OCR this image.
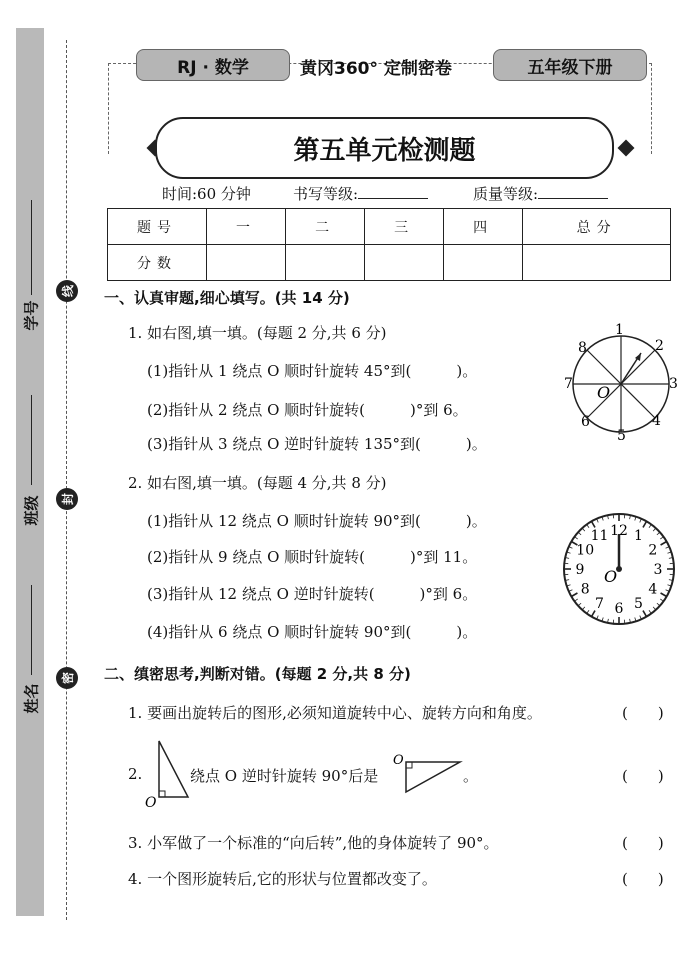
学号
班级
姓名
线
封
密
RJ · 数学	黄冈360° 定制密卷	五年级下册
第五单元检测题
时间:60 分钟	书写等级:	质量等级:
题号	一	二	三	四	总分
分数					
一、认真审题,细心填写。(共 14 分)
1. 如右图,填一填。(每题 2 分,共 6 分)
(1)指针从 1 绕点 O 顺时针旋转 45°到(　　　)。
(2)指针从 2 绕点 O 顺时针旋转(　　　)°到 6。
(3)指针从 3 绕点 O 逆时针旋转 135°到(　　　)。
1
2
3
4
5
6
7
8
O
2. 如右图,填一填。(每题 4 分,共 8 分)
(1)指针从 12 绕点 O 顺时针旋转 90°到(　　　)。
(2)指针从 9 绕点 O 顺时针旋转(　　　)°到 11。
(3)指针从 12 绕点 O 逆时针旋转(　　　)°到 6。
(4)指针从 6 绕点 O 顺时针旋转 90°到(　　　)。
12 1
2
3
4
5
6
7
8
9
10
11
O
二、缜密思考,判断对错。(每题 2 分,共 8 分)
1. 要画出旋转后的图形,必须知道旋转中心、旋转方向和角度。	(　　)
2.
O
绕点 O 逆时针旋转 90°后是
O
。	(　　)
3. 小军做了一个标准的“向后转”,他的身体旋转了 90°。	(　　)
4. 一个图形旋转后,它的形状与位置都改变了。	(　　)
